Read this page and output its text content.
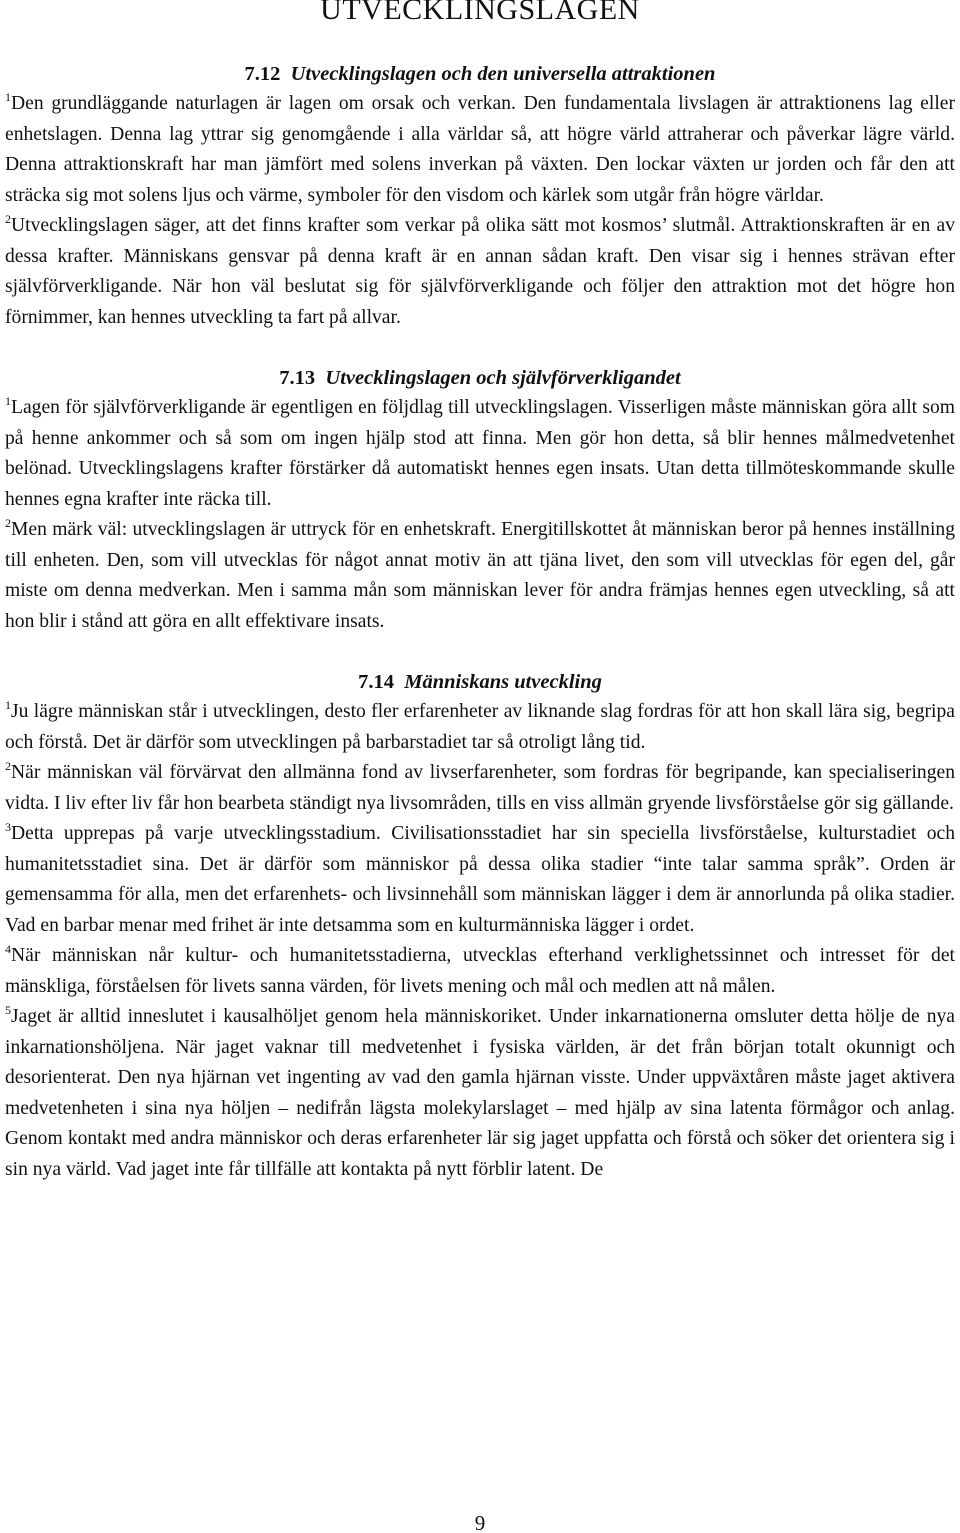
UTVECKLINGSLAGEN
7.12 Utvecklingslagen och den universella attraktionen

$^1$Den grundläggande naturlagen är lagen om orsak och verkan. Den fundamentala livslagen är attraktionens lag eller enhetslagen. Denna lag yttrar sig genomgående i alla världar så, att högre värld attraherar och påverkar lägre värld. Denna attraktionskraft har man jämfört med solens inverkan på växten. Den lockar växten ur jorden och får den att sträcka sig mot solens ljus och värme, symboler för den visdom och kärlek som utgår från högre världar.

$^2$Utvecklingslagen säger, att det finns krafter som verkar på olika sätt mot kosmos’ slutmål. Attraktionskraften är en av dessa krafter. Människans gensvar på denna kraft är en annan sådan kraft. Den visar sig i hennes strävan efter självförverkligande. När hon väl beslutat sig för självförverkligande och följer den attraktion mot det högre hon förnimmer, kan hennes utveckling ta fart på allvar.

7.13 Utvecklingslagen och självförverkligandet

$^1$Lagen för självförverkligande är egentligen en följdlag till utvecklingslagen. Visserligen måste människan göra allt som på henne ankommer och så som om ingen hjälp stod att finna. Men gör hon detta, så blir hennes målmedvetenhet belönad. Utvecklingslagens krafter förstärker då automatiskt hennes egen insats. Utan detta tillmöteskommande skulle hennes egna krafter inte räcka till.

$^2$Men märk väl: utvecklingslagen är uttryck för en enhetskraft. Energitillskottet åt människan beror på hennes inställning till enheten. Den, som vill utvecklas för något annat motiv än att tjäna livet, den som vill utvecklas för egen del, går miste om denna medverkan. Men i samma mån som människan lever för andra främjas hennes egen utveckling, så att hon blir i stånd att göra en allt effektivare insats.

7.14 Människans utveckling

$^1$Ju lägre människan står i utvecklingen, desto fler erfarenheter av liknande slag fordras för att hon skall lära sig, begripa och förstå. Det är därför som utvecklingen på barbarstadiet tar så otroligt lång tid.

$^2$När människan väl förvärvat den allmänna fond av livserfarenheter, som fordras för begripande, kan specialiseringen vidta. I liv efter liv får hon bearbeta ständigt nya livsområden, tills en viss allmän gryende livsförståelse gör sig gällande.

$^3$Detta upprepas på varje utvecklingsstadium. Civilisationsstadiet har sin speciella livsförståelse, kulturstadiet och humanitetsstadiet sina. Det är därför som människor på dessa olika stadier “inte talar samma språk”. Orden är gemensamma för alla, men det erfarenhets- och livsinnehåll som människan lägger i dem är annorlunda på olika stadier. Vad en barbar menar med frihet är inte detsamma som en kulturmänniska lägger i ordet.

$^4$När människan når kultur- och humanitetsstadierna, utvecklas efterhand verklighetssinnet och intresset för det mänskliga, förståelsen för livets sanna värden, för livets mening och mål och medlen att nå målen.

$^5$Jaget är alltid inneslutet i kausalhöljet genom hela människoriket. Under inkarnationerna omsluter detta hölje de nya inkarnationshöljena. När jaget vaknar till medvetenhet i fysiska världen, är det från början totalt okunnigt och desorienterat. Den nya hjärnan vet ingenting av vad den gamla hjärnan visste. Under uppväxtåren måste jaget aktivera medvetenheten i sina nya höljen – nedifrån lägsta molekylarslaget – med hjälp av sina latenta förmågor och anlag. Genom kontakt med andra människor och deras erfarenheter lär sig jaget uppfatta och förstå och söker det orientera sig i sin nya värld. Vad jaget inte får tillfälle att kontakta på nytt förblir latent. De

9
